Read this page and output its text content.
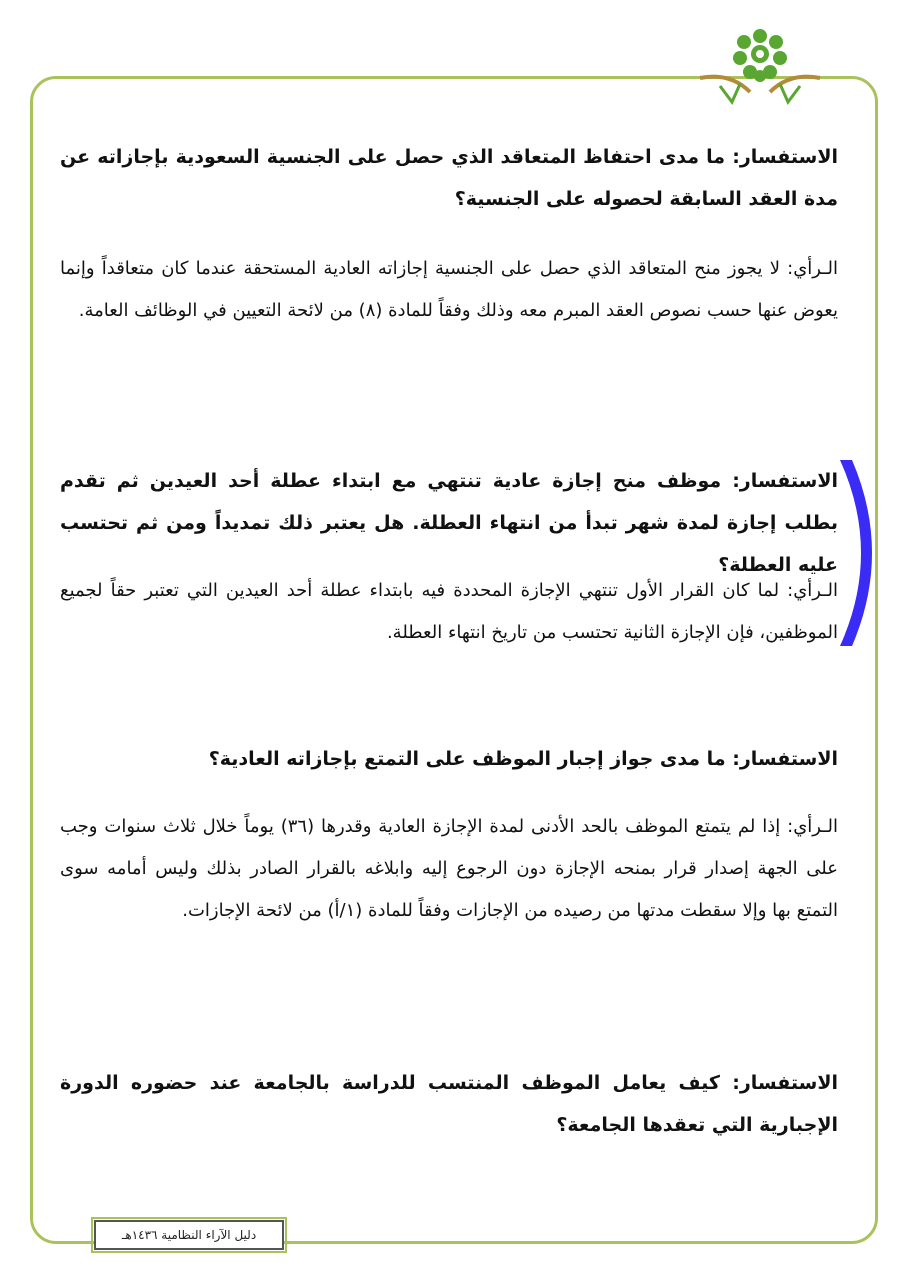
الاستفسار: ما مدى احتفاظ المتعاقد الذي حصل على الجنسية السعودية بإجازاته عن مدة العقد السابقة لحصوله على الجنسية؟
الـرأي: لا يجوز منح المتعاقد الذي حصل على الجنسية إجازاته العادية المستحقة عندما كان متعاقداً وإنما يعوض عنها حسب نصوص العقد المبرم معه وذلك وفقاً للمادة (٨) من لائحة التعيين في الوظائف العامة.
الاستفسار: موظف منح إجازة عادية تنتهي مع ابتداء عطلة أحد العيدين ثم تقدم بطلب إجازة لمدة شهر تبدأ من انتهاء العطلة. هل يعتبر ذلك تمديداً ومن ثم تحتسب عليه العطلة؟
الـرأي: لما كان القرار الأول تنتهي الإجازة المحددة فيه بابتداء عطلة أحد العيدين التي تعتبر حقاً لجميع الموظفين، فإن الإجازة الثانية تحتسب من تاريخ انتهاء العطلة.
الاستفسار: ما مدى جواز إجبار الموظف على التمتع بإجازاته العادية؟
الـرأي: إذا لم يتمتع الموظف بالحد الأدنى لمدة الإجازة العادية وقدرها (٣٦) يوماً خلال ثلاث سنوات وجب على الجهة إصدار قرار بمنحه الإجازة دون الرجوع إليه وابلاغه بالقرار الصادر بذلك وليس أمامه سوى التمتع بها وإلا سقطت مدتها من رصيده من الإجازات وفقاً للمادة (١/أ) من لائحة الإجازات.
الاستفسار: كيف يعامل الموظف المنتسب للدراسة بالجامعة عند حضوره الدورة الإجبارية التي تعقدها الجامعة؟
دليل الآراء النظامية ١٤٣٦هـ
